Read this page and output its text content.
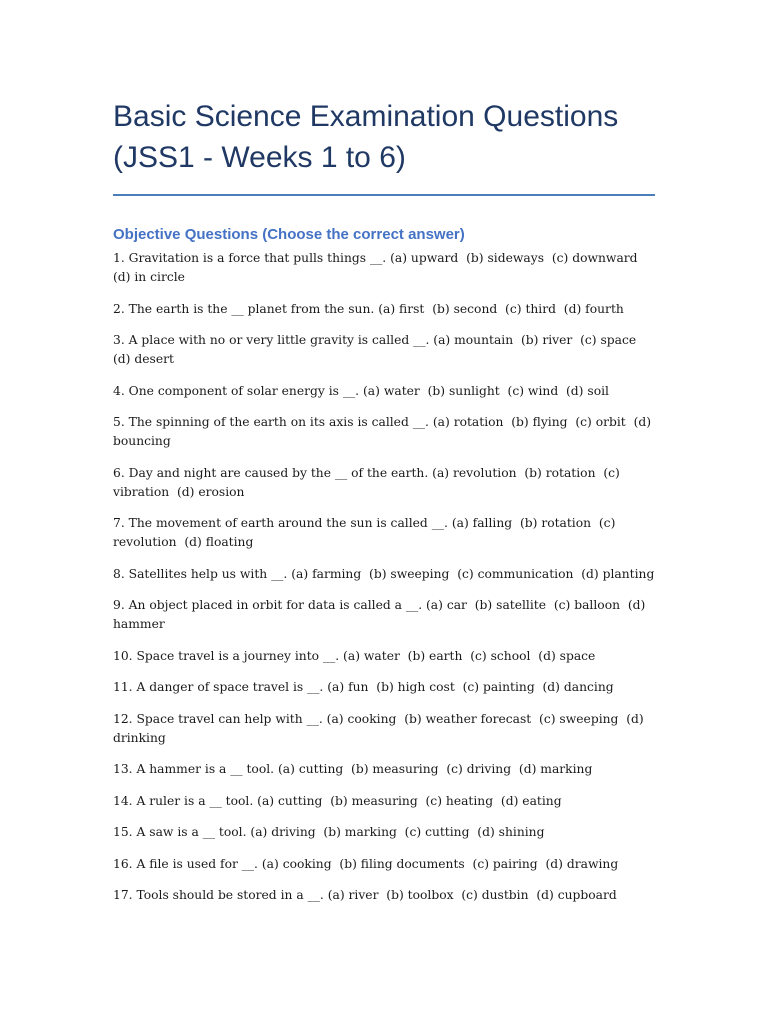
Basic Science Examination Questions
(JSS1 - Weeks 1 to 6)
Objective Questions (Choose the correct answer)
1. Gravitation is a force that pulls things __. (a) upward  (b) sideways  (c) downward  (d) in circle
2. The earth is the __ planet from the sun. (a) first  (b) second  (c) third  (d) fourth
3. A place with no or very little gravity is called __. (a) mountain  (b) river  (c) space  (d) desert
4. One component of solar energy is __. (a) water  (b) sunlight  (c) wind  (d) soil
5. The spinning of the earth on its axis is called __. (a) rotation  (b) flying  (c) orbit  (d) bouncing
6. Day and night are caused by the __ of the earth. (a) revolution  (b) rotation  (c) vibration  (d) erosion
7. The movement of earth around the sun is called __. (a) falling  (b) rotation  (c) revolution  (d) floating
8. Satellites help us with __. (a) farming  (b) sweeping  (c) communication  (d) planting
9. An object placed in orbit for data is called a __. (a) car  (b) satellite  (c) balloon  (d) hammer
10. Space travel is a journey into __. (a) water  (b) earth  (c) school  (d) space
11. A danger of space travel is __. (a) fun  (b) high cost  (c) painting  (d) dancing
12. Space travel can help with __. (a) cooking  (b) weather forecast  (c) sweeping  (d) drinking
13. A hammer is a __ tool. (a) cutting  (b) measuring  (c) driving  (d) marking
14. A ruler is a __ tool. (a) cutting  (b) measuring  (c) heating  (d) eating
15. A saw is a __ tool. (a) driving  (b) marking  (c) cutting  (d) shining
16. A file is used for __. (a) cooking  (b) filing documents  (c) pairing  (d) drawing
17. Tools should be stored in a __. (a) river  (b) toolbox  (c) dustbin  (d) cupboard
